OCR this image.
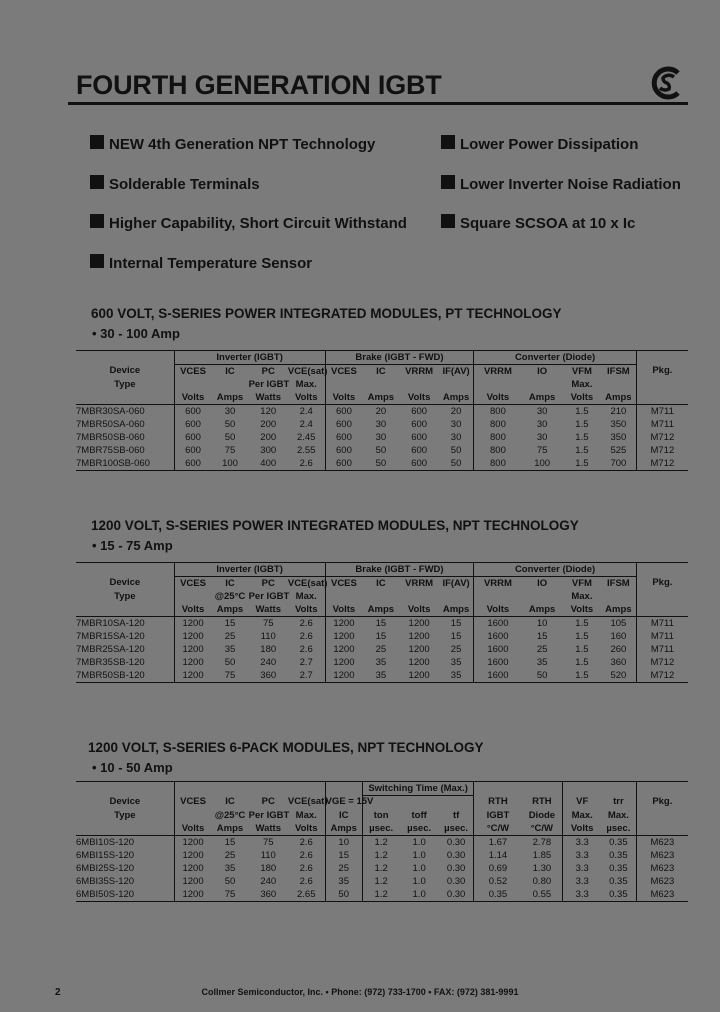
FOURTH GENERATION IGBT
NEW 4th Generation NPT Technology
Solderable Terminals
Higher Capability, Short Circuit Withstand
Internal Temperature Sensor
Lower Power Dissipation
Lower Inverter Noise Radiation
Square SCSOA at 10 x Ic
600 VOLT, S-SERIES POWER INTEGRATED MODULES, PT TECHNOLOGY
• 30 - 100 Amp
	Inverter (IGBT)				Brake (IGBT - FWD)				Converter (Diode)				
Device	VCES	IC	PC	VCE(sat)	VCES	IC	VRRM	IF(AV)	VRRM	IO	VFM	IFSM	Pkg.
Type			Per IGBT	Max.							Max.		
	Volts	Amps	Watts	Volts	Volts	Amps	Volts	Amps	Volts	Amps	Volts	Amps	
7MBR30SA-060	600	30	120	2.4	600	20	600	20	800	30	1.5	210	M711
7MBR50SA-060	600	50	200	2.4	600	30	600	30	800	30	1.5	350	M711
7MBR50SB-060	600	50	200	2.45	600	30	600	30	800	30	1.5	350	M712
7MBR75SB-060	600	75	300	2.55	600	50	600	50	800	75	1.5	525	M712
7MBR100SB-060	600	100	400	2.6	600	50	600	50	800	100	1.5	700	M712
1200 VOLT, S-SERIES POWER INTEGRATED MODULES, NPT TECHNOLOGY
• 15 - 75 Amp
	Inverter (IGBT)				Brake (IGBT - FWD)				Converter (Diode)				
Device	VCES	IC	PC	VCE(sat)	VCES	IC	VRRM	IF(AV)	VRRM	IO	VFM	IFSM	Pkg.
Type		@25°C	Per IGBT	Max.							Max.		
	Volts	Amps	Watts	Volts	Volts	Amps	Volts	Amps	Volts	Amps	Volts	Amps	
7MBR10SA-120	1200	15	75	2.6	1200	15	1200	15	1600	10	1.5	105	M711
7MBR15SA-120	1200	25	110	2.6	1200	15	1200	15	1600	15	1.5	160	M711
7MBR25SA-120	1200	35	180	2.6	1200	25	1200	25	1600	25	1.5	260	M711
7MBR35SB-120	1200	50	240	2.7	1200	35	1200	35	1600	35	1.5	360	M712
7MBR50SB-120	1200	75	360	2.7	1200	35	1200	35	1600	50	1.5	520	M712
1200 VOLT, S-SERIES 6-PACK MODULES, NPT TECHNOLOGY
• 10 - 50 Amp
						Switching Time (Max.)							
Device	VCES	IC	PC	VCE(sat)	VGE = 15V				RTH	RTH	VF	trr	Pkg.
Type		@25°C	Per IGBT	Max.	IC	ton	toff	tf	IGBT	Diode	Max.	Max.	
	Volts	Amps	Watts	Volts	Amps	µsec.	µsec.	µsec.	°C/W	°C/W	Volts	µsec.	
6MBI10S-120	1200	15	75	2.6	10	1.2	1.0	0.30	1.67	2.78	3.3	0.35	M623
6MBI15S-120	1200	25	110	2.6	15	1.2	1.0	0.30	1.14	1.85	3.3	0.35	M623
6MBI25S-120	1200	35	180	2.6	25	1.2	1.0	0.30	0.69	1.30	3.3	0.35	M623
6MBI35S-120	1200	50	240	2.6	35	1.2	1.0	0.30	0.52	0.80	3.3	0.35	M623
6MBI50S-120	1200	75	360	2.65	50	1.2	1.0	0.30	0.35	0.55	3.3	0.35	M623
2	Collmer Semiconductor, Inc. • Phone: (972) 733-1700 • FAX: (972) 381-9991
